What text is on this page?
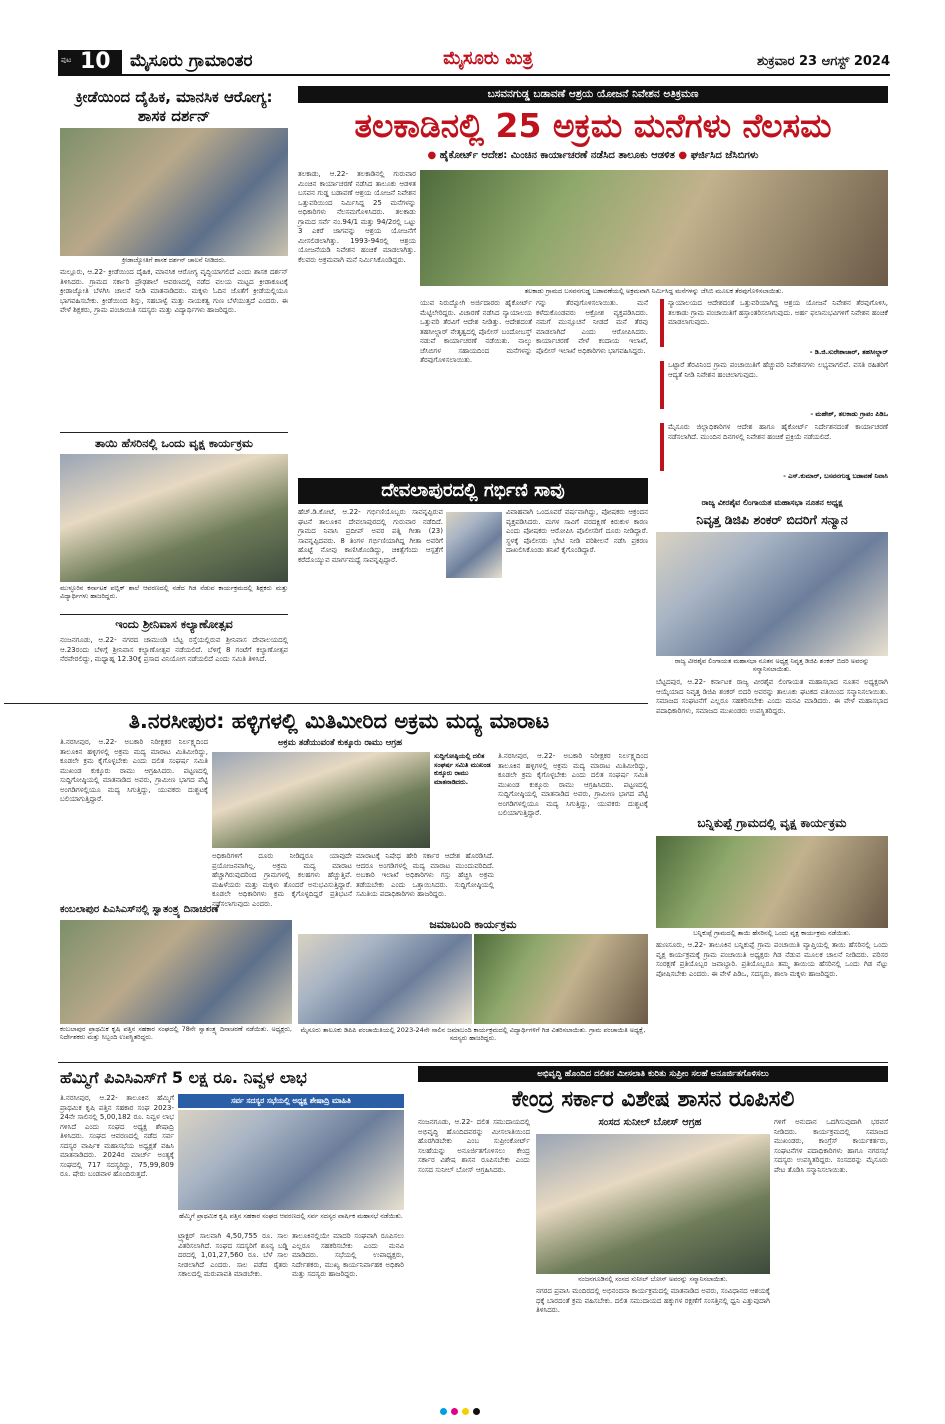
ಪುಟ 10 ಮೈಸೂರು ಗ್ರಾಮಾಂತರ	ಮೈಸೂರು ಮಿತ್ರ	ಶುಕ್ರವಾರ 23 ಆಗಸ್ಟ್ 2024
ಕ್ರೀಡೆಯಿಂದ ದೈಹಿಕ, ಮಾನಸಿಕ ಆರೋಗ್ಯ: ಶಾಸಕ ದರ್ಶನ್
ಕ್ರೀಡಾಜ್ಯೋತಿಗೆ ಶಾಸಕ ದರ್ಶನ್ ಚಾಲನೆ ನೀಡಿದರು.
ಮಲ್ಲೂರು, ಆ.22- ಕ್ರೀಡೆಯಿಂದ ದೈಹಿಕ, ಮಾನಸಿಕ ಆರೋಗ್ಯ ವೃದ್ಧಿಯಾಗಲಿದೆ ಎಂದು ಶಾಸಕ ದರ್ಶನ್ ತಿಳಿಸಿದರು. ಗ್ರಾಮದ ಸರ್ಕಾರಿ ಪ್ರೌಢಶಾಲೆ ಆವರಣದಲ್ಲಿ ನಡೆದ ವಲಯ ಮಟ್ಟದ ಕ್ರೀಡಾಕೂಟಕ್ಕೆ ಕ್ರೀಡಾಜ್ಯೋತಿ ಬೆಳಗಿಸಿ ಚಾಲನೆ ನೀಡಿ ಮಾತನಾಡಿದರು. ಮಕ್ಕಳು ಓದಿನ ಜೊತೆಗೆ ಕ್ರೀಡೆಯಲ್ಲಿಯೂ ಭಾಗವಹಿಸಬೇಕು. ಕ್ರೀಡೆಯಿಂದ ಶಿಸ್ತು, ಸಹಬಾಳ್ವೆ ಮತ್ತು ನಾಯಕತ್ವ ಗುಣ ಬೆಳೆಯುತ್ತದೆ ಎಂದರು. ಈ ವೇಳೆ ಶಿಕ್ಷಕರು, ಗ್ರಾಮ ಪಂಚಾಯಿತಿ ಸದಸ್ಯರು ಮತ್ತು ವಿದ್ಯಾರ್ಥಿಗಳು ಹಾಜರಿದ್ದರು.
ತಾಯಿ ಹೆಸರಿನಲ್ಲಿ ಒಂದು ವೃಕ್ಷ ಕಾರ್ಯಕ್ರಮ
ಮುಳ್ಳೂರಿನ ಕರ್ನಾಟಕ ಪಬ್ಲಿಕ್ ಶಾಲೆ ಆವರಣದಲ್ಲಿ ನಡೆದ ಗಿಡ ನೆಡುವ ಕಾರ್ಯಕ್ರಮದಲ್ಲಿ ಶಿಕ್ಷಕರು ಮತ್ತು ವಿದ್ಯಾರ್ಥಿಗಳು ಹಾಜರಿದ್ದರು.
ಇಂದು ಶ್ರೀನಿವಾಸ ಕಲ್ಯಾಣೋತ್ಸವ
ನಂಜನಗೂಡು, ಆ.22- ನಗರದ ಚಾಮುಂಡಿ ಬೆಟ್ಟ ರಸ್ತೆಯಲ್ಲಿರುವ ಶ್ರೀನಿವಾಸ ದೇವಾಲಯದಲ್ಲಿ ಆ.23ರಂದು ಬೆಳಿಗ್ಗೆ ಶ್ರೀನಿವಾಸ ಕಲ್ಯಾಣೋತ್ಸವ ನಡೆಯಲಿದೆ. ಬೆಳಿಗ್ಗೆ 8 ಗಂಟೆಗೆ ಕಲ್ಯಾಣೋತ್ಸವ ನೆರವೇರಲಿದ್ದು, ಮಧ್ಯಾಹ್ನ 12.30ಕ್ಕೆ ಪ್ರಸಾದ ವಿನಿಯೋಗ ನಡೆಯಲಿದೆ ಎಂದು ಸಮಿತಿ ತಿಳಿಸಿದೆ.
ಬಸವನಗುಡ್ಡ ಬಡಾವಣೆ ಆಶ್ರಯ ಯೋಜನೆ ನಿವೇಶನ ಅತಿಕ್ರಮಣ
ತಲಕಾಡಿನಲ್ಲಿ 25 ಅಕ್ರಮ ಮನೆಗಳು ನೆಲಸಮ
● ಹೈಕೋರ್ಟ್ ಆದೇಶ: ಮಿಂಚಿನ ಕಾರ್ಯಾಚರಣೆ ನಡೆಸಿದ ತಾಲೂಕು ಆಡಳಿತ ● ಘರ್ಜಿಸಿದ ಜೆಸಿಬಿಗಳು
ತಲಕಾಡು, ಆ.22- ತಲಕಾಡಿನಲ್ಲಿ ಗುರುವಾರ ಮಿಂಚಿನ ಕಾರ್ಯಾಚರಣೆ ನಡೆಸಿದ ತಾಲೂಕು ಆಡಳಿತ ಬಸವನ ಗುಡ್ಡ ಬಡಾವಣೆ ಆಶ್ರಯ ಯೋಜನೆ ನಿವೇಶನ ಒತ್ತುವರಿಯಿಂದ ನಿರ್ಮಿಸಿದ್ದ 25 ಮನೆಗಳನ್ನು ಅಧಿಕಾರಿಗಳು ನೆಲಸಮಗೊಳಿಸಿದರು. ತಲಕಾಡು ಗ್ರಾಮದ ಸರ್ವೆ ನಂ.94/1 ಮತ್ತು 94/2ರಲ್ಲಿ ಒಟ್ಟು 3 ಎಕರೆ ಜಾಗವನ್ನು ಆಶ್ರಯ ಯೋಜನೆಗೆ ಮೀಸಲಿಡಲಾಗಿತ್ತು. 1993-94ರಲ್ಲಿ ಆಶ್ರಯ ಯೋಜನೆಯಡಿ ನಿವೇಶನ ಹಂಚಿಕೆ ಮಾಡಲಾಗಿತ್ತು. ಕೆಲವರು ಅಕ್ರಮವಾಗಿ ಮನೆ ನಿರ್ಮಿಸಿಕೊಂಡಿದ್ದರು.
ತಲಕಾಡು ಗ್ರಾಮದ ಬಸವನಗುಡ್ಡ ಬಡಾವಣೆಯಲ್ಲಿ ಅಕ್ರಮವಾಗಿ ನಿರ್ಮಿಸಿದ್ದ ಮನೆಗಳನ್ನು ಜೆಸಿಬಿ ಮೂಲಕ ತೆರವುಗೊಳಿಸಲಾಯಿತು.
ಯುವ ನಿರುದ್ಯೋಗಿ ಅರ್ಜಿದಾರರು ಹೈಕೋರ್ಟ್ ಮೆಟ್ಟಿಲೇರಿದ್ದರು. ವಿಚಾರಣೆ ನಡೆಸಿದ ನ್ಯಾಯಾಲಯ ಒತ್ತುವರಿ ತೆರವಿಗೆ ಆದೇಶ ನೀಡಿತ್ತು. ಆದೇಶದಂತೆ ತಹಸೀಲ್ದಾರ್ ನೇತೃತ್ವದಲ್ಲಿ ಪೊಲೀಸ್ ಬಂದೋಬಸ್ತ್ ನಡುವೆ ಕಾರ್ಯಾಚರಣೆ ನಡೆಯಿತು. ನಾಲ್ಕು ಜೆಸಿಬಿಗಳ ಸಹಾಯದಿಂದ ಮನೆಗಳನ್ನು ತೆರವುಗೊಳಿಸಲಾಯಿತು.
ಗನ್ನು ತೆರವುಗೊಳಿಸಲಾಯಿತು. ಮನೆ ಕಳೆದುಕೊಂಡವರು ಆಕ್ರೋಶ ವ್ಯಕ್ತಪಡಿಸಿದರು. ನಮಗೆ ಮುನ್ಸೂಚನೆ ನೀಡದೆ ಮನೆ ತೆರವು ಮಾಡಲಾಗಿದೆ ಎಂದು ಆರೋಪಿಸಿದರು. ಕಾರ್ಯಾಚರಣೆ ವೇಳೆ ಕಂದಾಯ ಇಲಾಖೆ, ಪೊಲೀಸ್ ಇಲಾಖೆ ಅಧಿಕಾರಿಗಳು ಭಾಗವಹಿಸಿದ್ದರು.
ನ್ಯಾಯಾಲಯದ ಆದೇಶದಂತೆ ಒತ್ತುವರಿಯಾಗಿದ್ದ ಆಶ್ರಯ ಯೋಜನೆ ನಿವೇಶನ ತೆರವುಗೊಳಿಸಿ, ತಲಕಾಡು ಗ್ರಾಮ ಪಂಚಾಯಿತಿಗೆ ಹಸ್ತಾಂತರಿಸಲಾಗುವುದು. ಅರ್ಹ ಫಲಾನುಭವಿಗಳಿಗೆ ನಿವೇಶನ ಹಂಚಿಕೆ ಮಾಡಲಾಗುವುದು.
- ಡಿ.ಜಿ.ಸುರೇಶಾಚಾರ್, ತಹಸೀಲ್ದಾರ್
ಒಟ್ಟಾರೆ ತೆರವಿನಿಂದ ಗ್ರಾಮ ಪಂಚಾಯಿತಿಗೆ ಹೆಚ್ಚುವರಿ ನಿವೇಶನಗಳು ಲಭ್ಯವಾಗಲಿವೆ. ವಸತಿ ರಹಿತರಿಗೆ ಆದ್ಯತೆ ನೀಡಿ ನಿವೇಶನ ಹಂಚಲಾಗುವುದು.
- ಮಹೇಶ್, ತಲಕಾಡು ಗ್ರಾಪಂ ಪಿಡಿಒ
ಮೈಸೂರು ಜಿಲ್ಲಾಧಿಕಾರಿಗಳ ಆದೇಶ ಹಾಗೂ ಹೈಕೋರ್ಟ್ ನಿರ್ದೇಶನದಂತೆ ಕಾರ್ಯಾಚರಣೆ ನಡೆಸಲಾಗಿದೆ. ಮುಂದಿನ ದಿನಗಳಲ್ಲಿ ನಿವೇಶನ ಹಂಚಿಕೆ ಪ್ರಕ್ರಿಯೆ ನಡೆಯಲಿದೆ.
- ಎಸ್.ಕುಮಾರ್, ಬಸವನಗುಡ್ಡ ಬಡಾವಣೆ ನಿವಾಸಿ
ದೇವಲಾಪುರದಲ್ಲಿ ಗರ್ಭಿಣಿ ಸಾವು
ಹೆಚ್.ಡಿ.ಕೋಟೆ, ಆ.22- ಗರ್ಭಿಣಿಯೊಬ್ಬರು ಸಾವನ್ನಪ್ಪಿರುವ ಘಟನೆ ತಾಲೂಕಿನ ದೇವಲಾಪುರದಲ್ಲಿ ಗುರುವಾರ ನಡೆದಿದೆ. ಗ್ರಾಮದ ನಿವಾಸಿ ಪ್ರದೀಪ್ ಅವರ ಪತ್ನಿ ಗೀತಾ (23) ಸಾವನ್ನಪ್ಪಿದವರು. 8 ತಿಂಗಳ ಗರ್ಭಿಣಿಯಾಗಿದ್ದ ಗೀತಾ ಅವರಿಗೆ ಹೊಟ್ಟೆ ನೋವು ಕಾಣಿಸಿಕೊಂಡಿದ್ದು, ಚಿಕಿತ್ಸೆಗೆಂದು ಆಸ್ಪತ್ರೆಗೆ ಕರೆದೊಯ್ಯುವ ಮಾರ್ಗಮಧ್ಯೆ ಸಾವನ್ನಪ್ಪಿದ್ದಾರೆ.
ವಿವಾಹವಾಗಿ ಒಂದೂವರೆ ವರ್ಷವಾಗಿದ್ದು, ಪೋಷಕರು ಆಕ್ರಂದನ ವ್ಯಕ್ತಪಡಿಸಿದರು. ಮಗಳ ಸಾವಿಗೆ ವರದಕ್ಷಿಣೆ ಕಿರುಕುಳ ಕಾರಣ ಎಂದು ಪೋಷಕರು ಆರೋಪಿಸಿ ಪೊಲೀಸರಿಗೆ ದೂರು ನೀಡಿದ್ದಾರೆ. ಸ್ಥಳಕ್ಕೆ ಪೊಲೀಸರು ಭೇಟಿ ನೀಡಿ ಪರಿಶೀಲನೆ ನಡೆಸಿ ಪ್ರಕರಣ ದಾಖಲಿಸಿಕೊಂಡು ತನಿಖೆ ಕೈಗೊಂಡಿದ್ದಾರೆ.
ರಾಜ್ಯ ವೀರಶೈವ ಲಿಂಗಾಯತ ಮಹಾಸಭಾ ನೂತನ ಅಧ್ಯಕ್ಷ
ನಿವೃತ್ತ ಡಿಜಿಪಿ ಶಂಕರ್ ಬಿದರಿಗೆ ಸನ್ಮಾನ
ರಾಜ್ಯ ವೀರಶೈವ ಲಿಂಗಾಯತ ಮಹಾಸಭಾ ನೂತನ ಅಧ್ಯಕ್ಷ ನಿವೃತ್ತ ಡಿಜಿಪಿ ಶಂಕರ್ ಬಿದರಿ ಅವರನ್ನು ಸನ್ಮಾನಿಸಲಾಯಿತು.
ಬೆಟ್ಟದಪುರ, ಆ.22- ಕರ್ನಾಟಕ ರಾಜ್ಯ ವೀರಶೈವ ಲಿಂಗಾಯತ ಮಹಾಸಭಾದ ನೂತನ ಅಧ್ಯಕ್ಷರಾಗಿ ಆಯ್ಕೆಯಾದ ನಿವೃತ್ತ ಡಿಜಿಪಿ ಶಂಕರ್ ಬಿದರಿ ಅವರನ್ನು ತಾಲೂಕು ಘಟಕದ ವತಿಯಿಂದ ಸನ್ಮಾನಿಸಲಾಯಿತು. ಸಮಾಜದ ಸಂಘಟನೆಗೆ ಎಲ್ಲರೂ ಸಹಕರಿಸಬೇಕು ಎಂದು ಮನವಿ ಮಾಡಿದರು. ಈ ವೇಳೆ ಮಹಾಸಭಾದ ಪದಾಧಿಕಾರಿಗಳು, ಸಮಾಜದ ಮುಖಂಡರು ಉಪಸ್ಥಿತರಿದ್ದರು.
ತಿ.ನರಸೀಪುರ: ಹಳ್ಳಿಗಳಲ್ಲಿ ಮಿತಿಮೀರಿದ ಅಕ್ರಮ ಮದ್ಯ ಮಾರಾಟ
ಅಕ್ರಮ ತಡೆಯುವಂತೆ ಕುಕ್ಕೂರು ರಾಮು ಆಗ್ರಹ
ತಿ.ನರಸೀಪುರ, ಆ.22- ಅಬಕಾರಿ ನಿರೀಕ್ಷಕರ ನಿರ್ಲಕ್ಷ್ಯದಿಂದ ತಾಲೂಕಿನ ಹಳ್ಳಿಗಳಲ್ಲಿ ಅಕ್ರಮ ಮದ್ಯ ಮಾರಾಟ ಮಿತಿಮೀರಿದ್ದು, ಕೂಡಲೇ ಕ್ರಮ ಕೈಗೊಳ್ಳಬೇಕು ಎಂದು ದಲಿತ ಸಂಘರ್ಷ ಸಮಿತಿ ಮುಖಂಡ ಕುಕ್ಕೂರು ರಾಮು ಆಗ್ರಹಿಸಿದರು. ಪಟ್ಟಣದಲ್ಲಿ ಸುದ್ದಿಗೋಷ್ಠಿಯಲ್ಲಿ ಮಾತನಾಡಿದ ಅವರು, ಗ್ರಾಮೀಣ ಭಾಗದ ಪೆಟ್ಟಿ ಅಂಗಡಿಗಳಲ್ಲಿಯೂ ಮದ್ಯ ಸಿಗುತ್ತಿದ್ದು, ಯುವಕರು ದುಶ್ಚಟಕ್ಕೆ ಬಲಿಯಾಗುತ್ತಿದ್ದಾರೆ.
ಸುದ್ದಿಗೋಷ್ಠಿಯಲ್ಲಿ ದಲಿತ ಸಂಘರ್ಷ ಸಮಿತಿ ಮುಖಂಡ ಕುಕ್ಕೂರು ರಾಮು ಮಾತನಾಡಿದರು.
ಅಧಿಕಾರಿಗಳಿಗೆ ದೂರು ನೀಡಿದ್ದರೂ ಯಾವುದೇ ಪ್ರಯೋಜನವಾಗಿಲ್ಲ. ಅಕ್ರಮ ಮದ್ಯ ಮಾರಾಟ ಹೆಚ್ಚಾಗಿರುವುದರಿಂದ ಗ್ರಾಮಗಳಲ್ಲಿ ಕಲಹಗಳು ಹೆಚ್ಚುತ್ತಿವೆ. ಮಹಿಳೆಯರು ಮತ್ತು ಮಕ್ಕಳು ತೊಂದರೆ ಅನುಭವಿಸುತ್ತಿದ್ದಾರೆ. ಕೂಡಲೇ ಅಧಿಕಾರಿಗಳು ಕ್ರಮ ಕೈಗೊಳ್ಳದಿದ್ದರೆ ಪ್ರತಿಭಟನೆ ನಡೆಸಲಾಗುವುದು ಎಂದರು.
ಮಾರಾಟಕ್ಕೆ ನಿಷೇಧ ಹೇರಿ ಸರ್ಕಾರ ಆದೇಶ ಹೊರಡಿಸಿದೆ. ಆದರೂ ಅಂಗಡಿಗಳಲ್ಲಿ ಮದ್ಯ ಮಾರಾಟ ಮುಂದುವರಿದಿದೆ. ಅಬಕಾರಿ ಇಲಾಖೆ ಅಧಿಕಾರಿಗಳು ಗಸ್ತು ಹೆಚ್ಚಿಸಿ ಅಕ್ರಮ ತಡೆಯಬೇಕು ಎಂದು ಒತ್ತಾಯಿಸಿದರು. ಸುದ್ದಿಗೋಷ್ಠಿಯಲ್ಲಿ ಸಮಿತಿಯ ಪದಾಧಿಕಾರಿಗಳು ಹಾಜರಿದ್ದರು.
ತಿ.ನರಸೀಪುರ, ಆ.22- ಅಬಕಾರಿ ನಿರೀಕ್ಷಕರ ನಿರ್ಲಕ್ಷ್ಯದಿಂದ ತಾಲೂಕಿನ ಹಳ್ಳಿಗಳಲ್ಲಿ ಅಕ್ರಮ ಮದ್ಯ ಮಾರಾಟ ಮಿತಿಮೀರಿದ್ದು, ಕೂಡಲೇ ಕ್ರಮ ಕೈಗೊಳ್ಳಬೇಕು ಎಂದು ದಲಿತ ಸಂಘರ್ಷ ಸಮಿತಿ ಮುಖಂಡ ಕುಕ್ಕೂರು ರಾಮು ಆಗ್ರಹಿಸಿದರು. ಪಟ್ಟಣದಲ್ಲಿ ಸುದ್ದಿಗೋಷ್ಠಿಯಲ್ಲಿ ಮಾತನಾಡಿದ ಅವರು, ಗ್ರಾಮೀಣ ಭಾಗದ ಪೆಟ್ಟಿ ಅಂಗಡಿಗಳಲ್ಲಿಯೂ ಮದ್ಯ ಸಿಗುತ್ತಿದ್ದು, ಯುವಕರು ದುಶ್ಚಟಕ್ಕೆ ಬಲಿಯಾಗುತ್ತಿದ್ದಾರೆ.
ಕಂಬಲಾಪುರ ಪಿಎಸಿಎಸ್‌ನಲ್ಲಿ ಸ್ವಾತಂತ್ರ್ಯ ದಿನಾಚರಣೆ
ಕಂಬಲಾಪುರ ಪ್ರಾಥಮಿಕ ಕೃಷಿ ಪತ್ತಿನ ಸಹಕಾರ ಸಂಘದಲ್ಲಿ 78ನೇ ಸ್ವಾತಂತ್ರ್ಯ ದಿನಾಚರಣೆ ನಡೆಯಿತು. ಅಧ್ಯಕ್ಷರು, ನಿರ್ದೇಶಕರು ಮತ್ತು ಸಿಬ್ಬಂದಿ ಉಪಸ್ಥಿತರಿದ್ದರು.
ಜಮಾಬಂದಿ ಕಾರ್ಯಕ್ರಮ
ಮೈಸೂರು ತಾಲೂಕು ಡಿಪಿಪಿ ಪಂಚಾಯಿತಿಯಲ್ಲಿ 2023-24ನೇ ಸಾಲಿನ ಜಮಾಬಂದಿ ಕಾರ್ಯಕ್ರಮದಲ್ಲಿ ವಿದ್ಯಾರ್ಥಿಗಳಿಗೆ ಗಿಡ ವಿತರಿಸಲಾಯಿತು. ಗ್ರಾಮ ಪಂಚಾಯಿತಿ ಅಧ್ಯಕ್ಷೆ, ಸದಸ್ಯರು ಹಾಜರಿದ್ದರು.
ಬನ್ನಿಕುಪ್ಪೆ ಗ್ರಾಮದಲ್ಲಿ ವೃಕ್ಷ ಕಾರ್ಯಕ್ರಮ
ಬನ್ನಿಕುಪ್ಪೆ ಗ್ರಾಮದಲ್ಲಿ ತಾಯಿ ಹೆಸರಿನಲ್ಲಿ ಒಂದು ವೃಕ್ಷ ಕಾರ್ಯಕ್ರಮ ನಡೆಯಿತು.
ಹುಣಸೂರು, ಆ.22- ತಾಲೂಕಿನ ಬನ್ನಿಕುಪ್ಪೆ ಗ್ರಾಮ ಪಂಚಾಯಿತಿ ವ್ಯಾಪ್ತಿಯಲ್ಲಿ ತಾಯಿ ಹೆಸರಿನಲ್ಲಿ ಒಂದು ವೃಕ್ಷ ಕಾರ್ಯಕ್ರಮಕ್ಕೆ ಗ್ರಾಮ ಪಂಚಾಯಿತಿ ಅಧ್ಯಕ್ಷರು ಗಿಡ ನೆಡುವ ಮೂಲಕ ಚಾಲನೆ ನೀಡಿದರು. ಪರಿಸರ ಸಂರಕ್ಷಣೆ ಪ್ರತಿಯೊಬ್ಬರ ಜವಾಬ್ದಾರಿ. ಪ್ರತಿಯೊಬ್ಬರೂ ತಮ್ಮ ತಾಯಿಯ ಹೆಸರಿನಲ್ಲಿ ಒಂದು ಗಿಡ ನೆಟ್ಟು ಪೋಷಿಸಬೇಕು ಎಂದರು. ಈ ವೇಳೆ ಪಿಡಿಒ, ಸದಸ್ಯರು, ಶಾಲಾ ಮಕ್ಕಳು ಹಾಜರಿದ್ದರು.
ಹೆಮ್ಮಿಗೆ ಪಿಎಸಿಎಸ್‌ಗೆ 5 ಲಕ್ಷ ರೂ. ನಿವ್ವಳ ಲಾಭ
ತಿ.ನರಸೀಪುರ, ಆ.22- ತಾಲೂಕಿನ ಹೆಮ್ಮಿಗೆ ಪ್ರಾಥಮಿಕ ಕೃಷಿ ಪತ್ತಿನ ಸಹಕಾರ ಸಂಘ 2023-24ನೇ ಸಾಲಿನಲ್ಲಿ 5,00,182 ರೂ. ನಿವ್ವಳ ಲಾಭ ಗಳಿಸಿದೆ ಎಂದು ಸಂಘದ ಅಧ್ಯಕ್ಷ ಶೇಷಾದ್ರಿ ತಿಳಿಸಿದರು. ಸಂಘದ ಆವರಣದಲ್ಲಿ ನಡೆದ ಸರ್ವ ಸದಸ್ಯರ ವಾರ್ಷಿಕ ಮಹಾಸಭೆಯ ಅಧ್ಯಕ್ಷತೆ ವಹಿಸಿ ಮಾತನಾಡಿದರು. 2024ರ ಮಾರ್ಚ್ ಅಂತ್ಯಕ್ಕೆ ಸಂಘದಲ್ಲಿ 717 ಸದಸ್ಯರಿದ್ದು, 75,99,809 ರೂ. ಷೇರು ಬಂಡವಾಳ ಹೊಂದಿರುತ್ತದೆ.
ಸರ್ವ ಸದಸ್ಯರ ಸಭೆಯಲ್ಲಿ ಅಧ್ಯಕ್ಷ ಶೇಷಾದ್ರಿ ಮಾಹಿತಿ
ಹೆಮ್ಮಿಗೆ ಪ್ರಾಥಮಿಕ ಕೃಷಿ ಪತ್ತಿನ ಸಹಕಾರ ಸಂಘದ ಆವರಣದಲ್ಲಿ ಸರ್ವ ಸದಸ್ಯರ ವಾರ್ಷಿಕ ಮಹಾಸಭೆ ನಡೆಯಿತು.
ಟ್ರ್ಯಾಕ್ಟರ್ ಸಾಲವಾಗಿ 4,50,755 ರೂ. ಸಾಲ ವಿತರಿಸಲಾಗಿದೆ. ಸಂಘದ ಸದಸ್ಯರಿಗೆ ಶೂನ್ಯ ಬಡ್ಡಿ ದರದಲ್ಲಿ 1,01,27,560 ರೂ. ಬೆಳೆ ಸಾಲ ನೀಡಲಾಗಿದೆ ಎಂದರು. ಸಾಲ ಪಡೆದ ರೈತರು ಸಕಾಲದಲ್ಲಿ ಮರುಪಾವತಿ ಮಾಡಬೇಕು.
ತಾಲೂಕಿನಲ್ಲಿಯೇ ಮಾದರಿ ಸಂಘವಾಗಿ ರೂಪಿಸಲು ಎಲ್ಲರೂ ಸಹಕರಿಸಬೇಕು ಎಂದು ಮನವಿ ಮಾಡಿದರು. ಸಭೆಯಲ್ಲಿ ಉಪಾಧ್ಯಕ್ಷರು, ನಿರ್ದೇಶಕರು, ಮುಖ್ಯ ಕಾರ್ಯನಿರ್ವಾಹಕ ಅಧಿಕಾರಿ ಮತ್ತು ಸದಸ್ಯರು ಹಾಜರಿದ್ದರು.
ಅಭಿವೃದ್ಧಿ ಹೊಂದಿದ ದಲಿತರ ಮೀಸಲಾತಿ ಕುರಿತು ಸುಪ್ರೀಂ ಸಲಹೆ ಅನೂರ್ಜಿತಗೊಳಿಸಲು
ಕೇಂದ್ರ ಸರ್ಕಾರ ವಿಶೇಷ ಶಾಸನ ರೂಪಿಸಲಿ
ಸಂಸದ ಸುನೀಲ್ ಬೋಸ್ ಆಗ್ರಹ
ನಂಜನಗೂಡು, ಆ.22- ದಲಿತ ಸಮುದಾಯದಲ್ಲಿ ಅಭಿವೃದ್ಧಿ ಹೊಂದಿದವರನ್ನು ಮೀಸಲಾತಿಯಿಂದ ಹೊರಗಿಡಬೇಕು ಎಂಬ ಸುಪ್ರೀಂಕೋರ್ಟ್ ಸಲಹೆಯನ್ನು ಅನೂರ್ಜಿತಗೊಳಿಸಲು ಕೇಂದ್ರ ಸರ್ಕಾರ ವಿಶೇಷ ಶಾಸನ ರೂಪಿಸಬೇಕು ಎಂದು ಸಂಸದ ಸುನೀಲ್ ಬೋಸ್ ಆಗ್ರಹಿಸಿದರು.
ನಂಜನಗೂಡಿನಲ್ಲಿ ಸಂಸದ ಸುನೀಲ್ ಬೋಸ್ ಅವರನ್ನು ಸನ್ಮಾನಿಸಲಾಯಿತು.
ನಗರದ ಪ್ರವಾಸಿ ಮಂದಿರದಲ್ಲಿ ಅಭಿನಂದನಾ ಕಾರ್ಯಕ್ರಮದಲ್ಲಿ ಮಾತನಾಡಿದ ಅವರು, ಸಂವಿಧಾನದ ಆಶಯಕ್ಕೆ ಧಕ್ಕೆ ಬಾರದಂತೆ ಕ್ರಮ ವಹಿಸಬೇಕು. ದಲಿತ ಸಮುದಾಯದ ಹಕ್ಕುಗಳ ರಕ್ಷಣೆಗೆ ಸಂಸತ್ತಿನಲ್ಲಿ ಧ್ವನಿ ಎತ್ತುವುದಾಗಿ ತಿಳಿಸಿದರು.
ಗಳಿಗೆ ಅನುದಾನ ಒದಗಿಸುವುದಾಗಿ ಭರವಸೆ ನೀಡಿದರು. ಕಾರ್ಯಕ್ರಮದಲ್ಲಿ ಸಮಾಜದ ಮುಖಂಡರು, ಕಾಂಗ್ರೆಸ್ ಕಾರ್ಯಕರ್ತರು, ಸಂಘಟನೆಗಳ ಪದಾಧಿಕಾರಿಗಳು ಹಾಗೂ ನಗರಸಭೆ ಸದಸ್ಯರು ಉಪಸ್ಥಿತರಿದ್ದರು. ಸಂಸದರನ್ನು ಮೈಸೂರು ಪೇಟ ತೊಡಿಸಿ ಸನ್ಮಾನಿಸಲಾಯಿತು.
